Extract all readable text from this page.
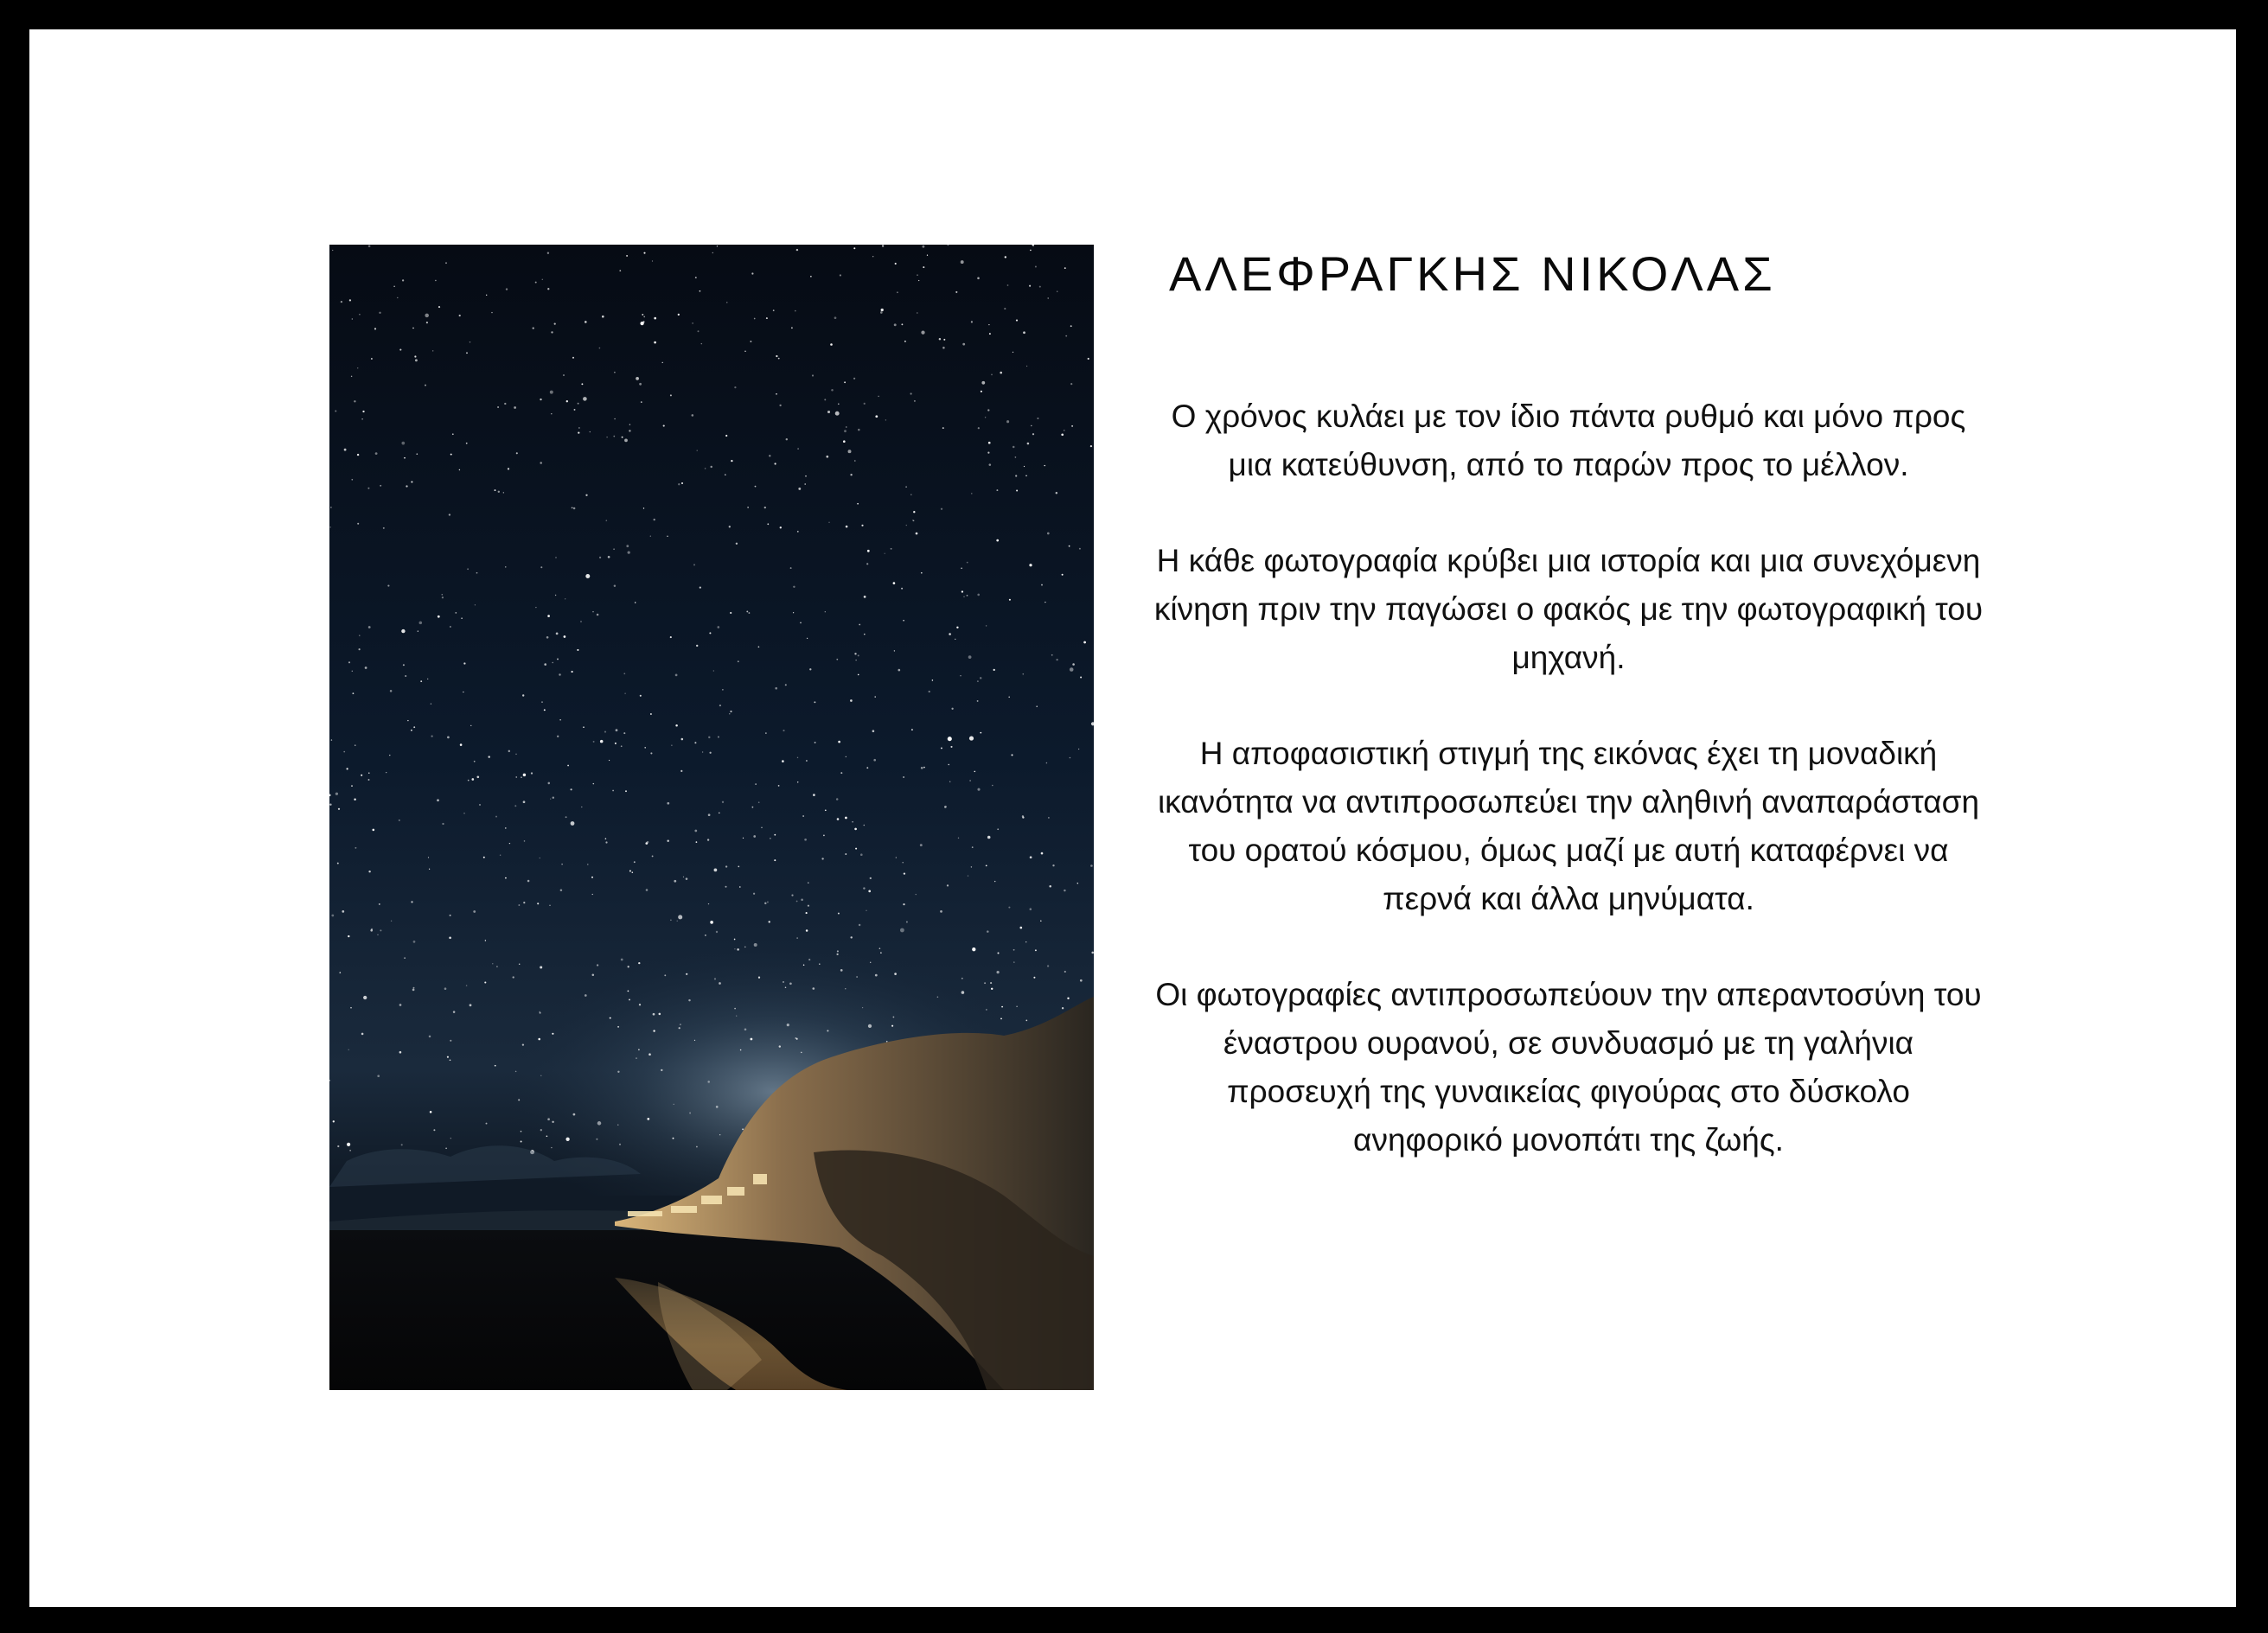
ΑΛΕΦΡΑΓΚΗΣ ΝΙΚΟΛΑΣ

Ο χρόνος κυλάει με τον ίδιο πάντα ρυθμό και μόνο προς μια κατεύθυνση, από το παρών προς το μέλλον.

Η κάθε φωτογραφία κρύβει μια ιστορία και μια συνεχόμενη κίνηση πριν την παγώσει ο φακός με την φωτογραφική του μηχανή.

Η αποφασιστική στιγμή της εικόνας έχει τη μοναδική ικανότητα να αντιπροσωπεύει την αληθινή αναπαράσταση του ορατού κόσμου, όμως μαζί με αυτή καταφέρνει να περνά και άλλα μηνύματα.

Οι φωτογραφίες αντιπροσωπεύουν την απεραντοσύνη του έναστρου ουρανού, σε συνδυασμό με τη γαλήνια προσευχή της γυναικείας φιγούρας στο δύσκολο ανηφορικό μονοπάτι της ζωής.
